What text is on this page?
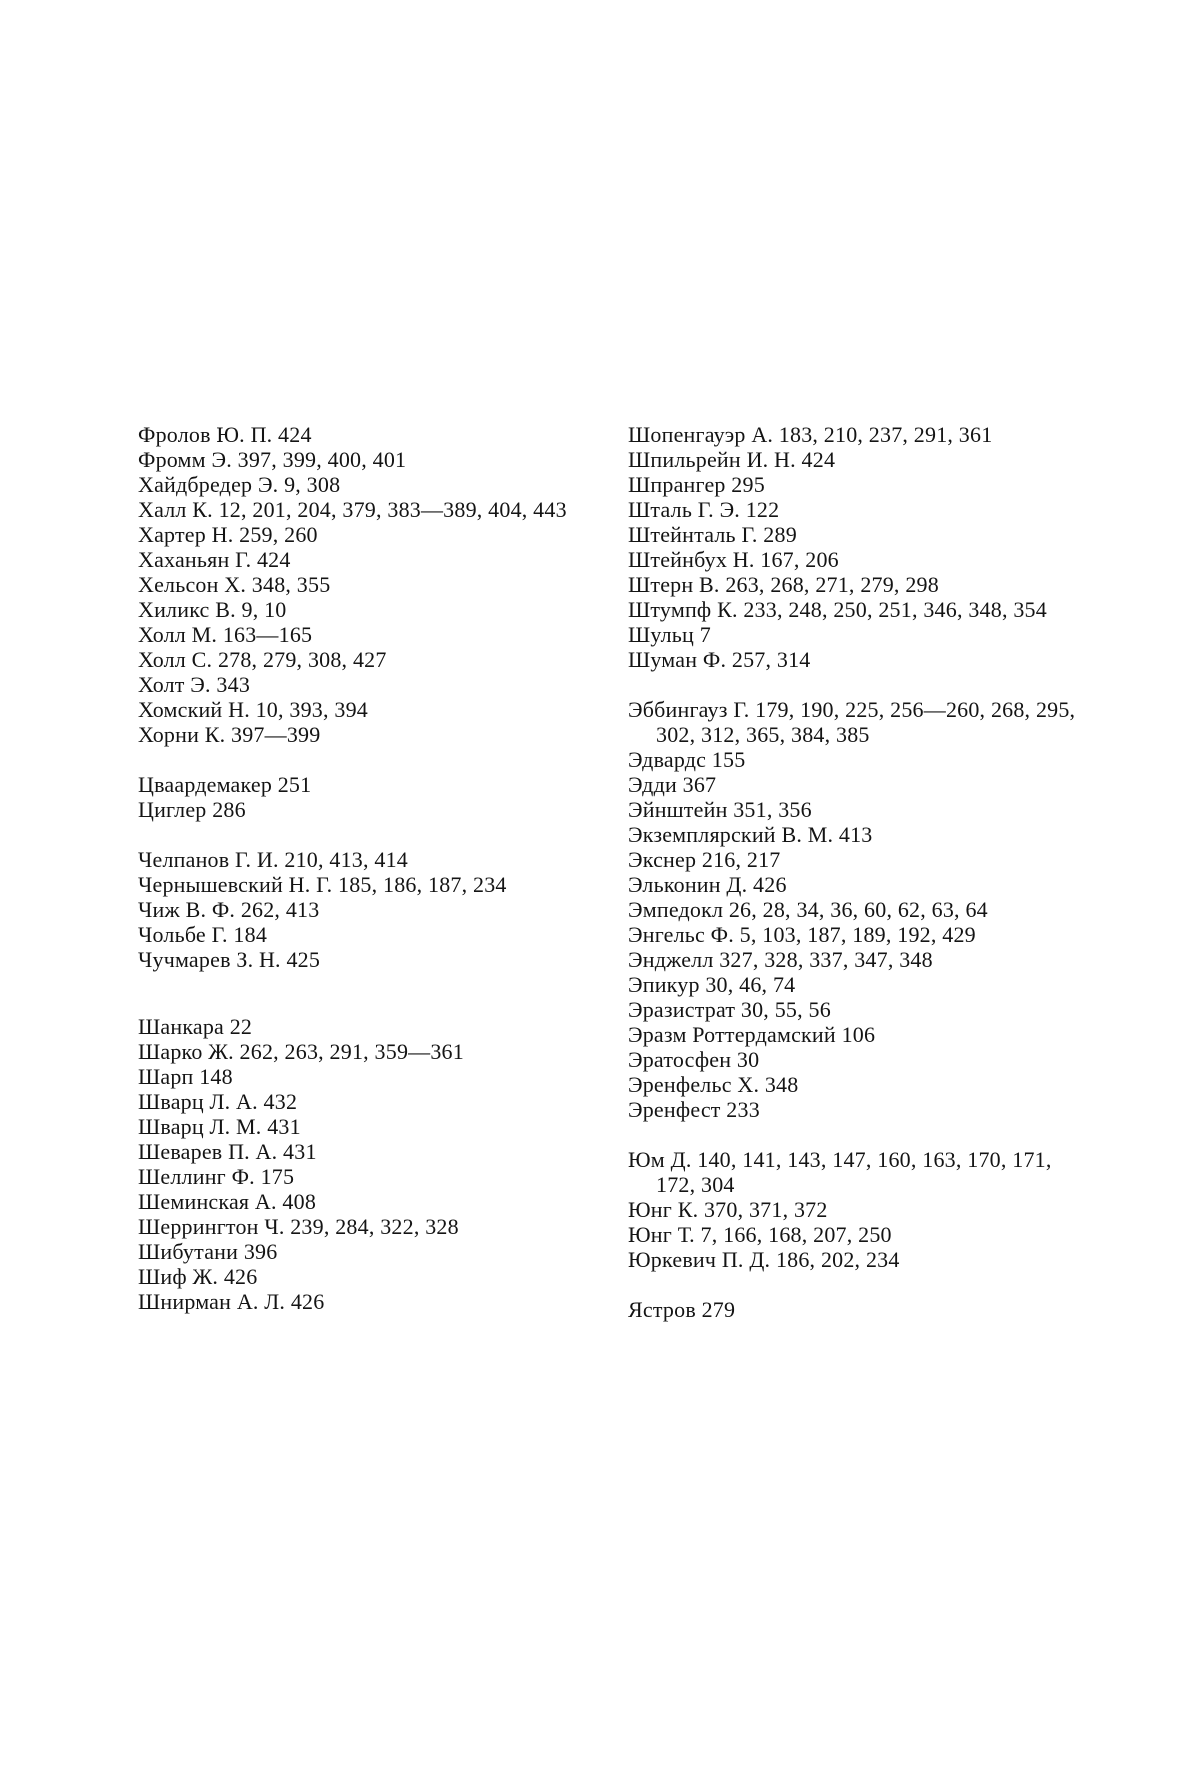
Фролов Ю. П. 424

Фромм Э. 397, 399, 400, 401

Хайдбредер Э. 9, 308

Халл К. 12, 201, 204, 379, 383—389, 404, 443

Хартер Н. 259, 260

Хаханьян Г. 424

Хельсон Х. 348, 355

Хиликс В. 9, 10

Холл М. 163—165

Холл С. 278, 279, 308, 427

Холт Э. 343

Хомский Н. 10, 393, 394

Хорни К. 397—399

Цваардемакер 251

Циглер 286

Челпанов Г. И. 210, 413, 414

Чернышевский Н. Г. 185, 186, 187, 234

Чиж В. Ф. 262, 413

Чольбе Г. 184

Чучмарев З. Н. 425

Шанкара 22

Шарко Ж. 262, 263, 291, 359—361

Шарп 148

Шварц Л. А. 432

Шварц Л. М. 431

Шеварев П. А. 431

Шеллинг Ф. 175

Шеминская А. 408

Шеррингтон Ч. 239, 284, 322, 328

Шибутани 396

Шиф Ж. 426

Шнирман А. Л. 426

Шопенгауэр А. 183, 210, 237, 291, 361

Шпильрейн И. Н. 424

Шпрангер 295

Шталь Г. Э. 122

Штейнталь Г. 289

Штейнбух Н. 167, 206

Штерн В. 263, 268, 271, 279, 298

Штумпф К. 233, 248, 250, 251, 346, 348, 354

Шульц 7

Шуман Ф. 257, 314

Эббингауз Г. 179, 190, 225, 256—260, 268, 295, 302, 312, 365, 384, 385

Эдвардс 155

Эдди 367

Эйнштейн 351, 356

Экземплярский В. М. 413

Экснер 216, 217

Эльконин Д. 426

Эмпедокл 26, 28, 34, 36, 60, 62, 63, 64

Энгельс Ф. 5, 103, 187, 189, 192, 429

Энджелл 327, 328, 337, 347, 348

Эпикур 30, 46, 74

Эразистрат 30, 55, 56

Эразм Роттердамский 106

Эратосфен 30

Эренфельс Х. 348

Эренфест 233

Юм Д. 140, 141, 143, 147, 160, 163, 170, 171, 172, 304

Юнг К. 370, 371, 372

Юнг Т. 7, 166, 168, 207, 250

Юркевич П. Д. 186, 202, 234

Ястров 279
